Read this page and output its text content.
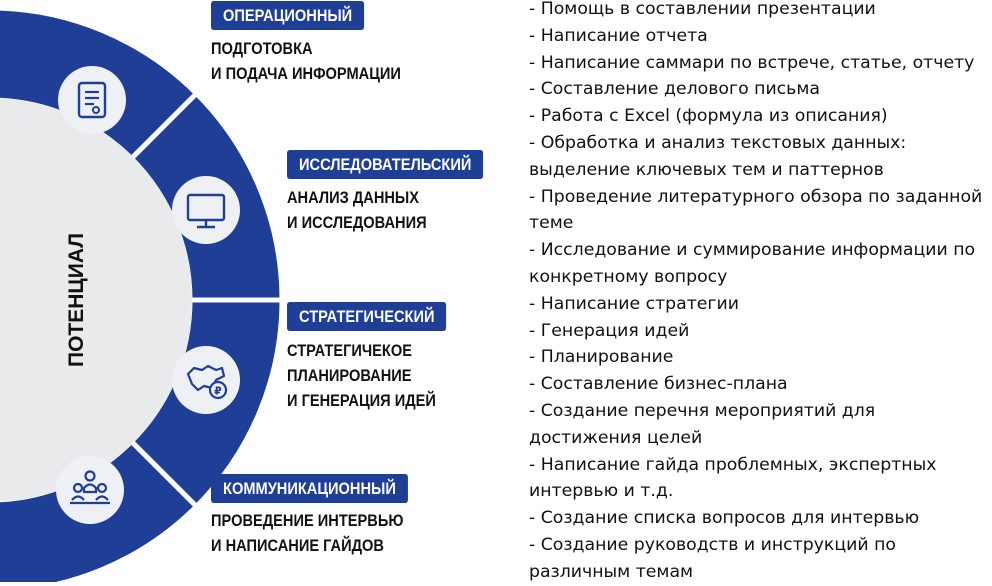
₽
ПОТЕНЦИАЛ
ОПЕРАЦИОННЫЙ
ПОДГОТОВКА
И ПОДАЧА ИНФОРМАЦИИ
ИССЛЕДОВАТЕЛЬСКИЙ
АНАЛИЗ ДАННЫХ
И ИССЛЕДОВАНИЯ
СТРАТЕГИЧЕСКИЙ
СТРАТЕГИЧЕКОЕ
ПЛАНИРОВАНИЕ
И ГЕНЕРАЦИЯ ИДЕЙ
КОММУНИКАЦИОННЫЙ
ПРОВЕДЕНИЕ ИНТЕРВЬЮ
И НАПИСАНИЕ ГАЙДОВ
- Помощь в составлении презентации
- Написание отчета
- Написание саммари по встрече, статье, отчету
- Составление делового письма
- Работа с Excel (формула из описания)
- Обработка и анализ текстовых данных:
выделение ключевых тем и паттернов
- Проведение литературного обзора по заданной
теме
- Исследование и суммирование информации по
конкретному вопросу
- Написание стратегии
- Генерация идей
- Планирование
- Составление бизнес-плана
- Создание перечня мероприятий для
достижения целей
- Написание гайда проблемных, экспертных
интервью и т.д.
- Создание списка вопросов для интервью
- Создание руководств и инструкций по
различным темам
